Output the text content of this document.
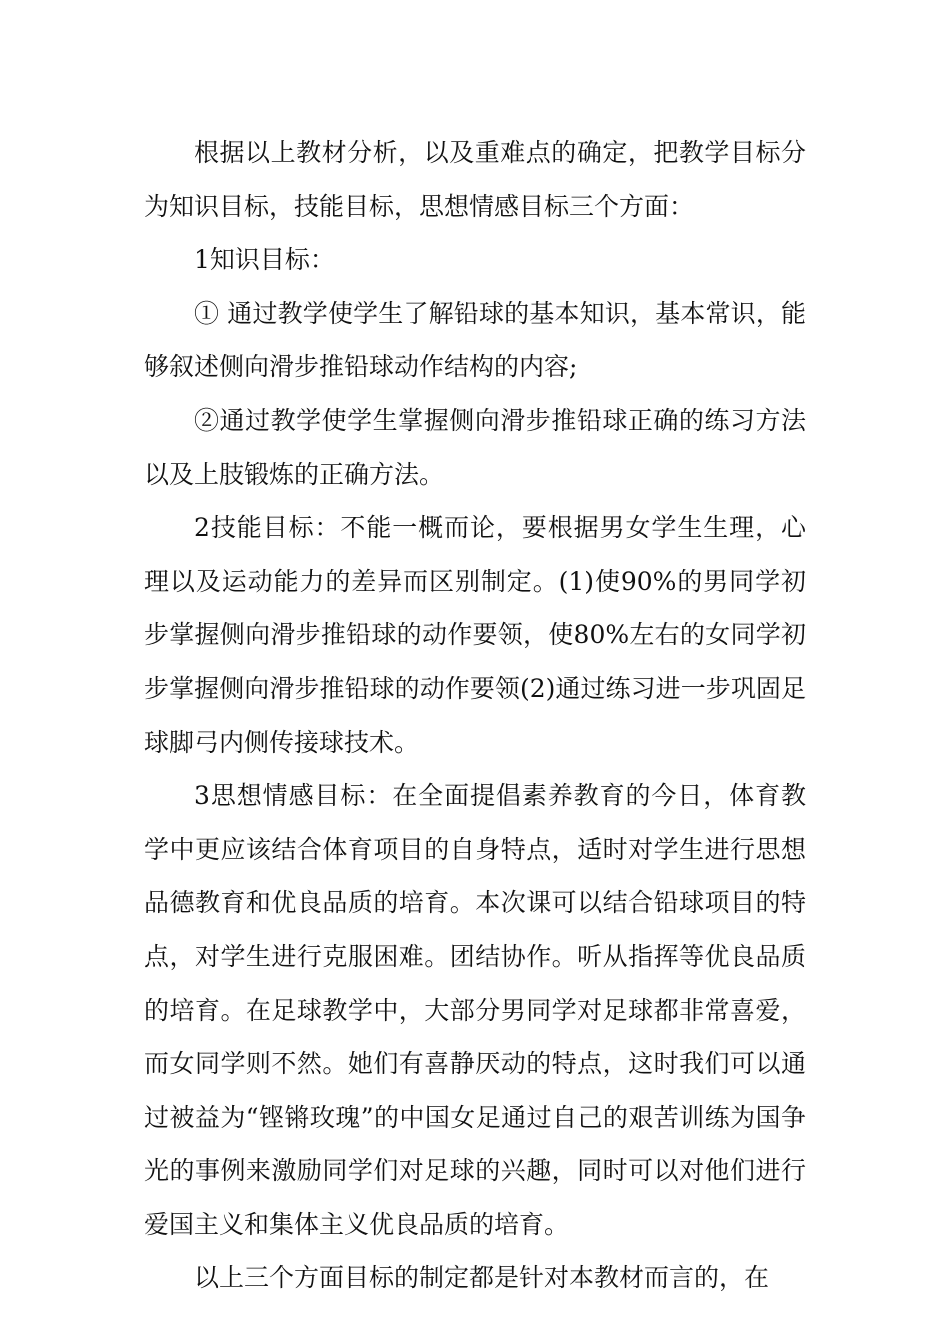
根据以上教材分析，以及重难点的确定，把教学目标分为知识目标，技能目标，思想情感目标三个方面：

1知识目标：

① 通过教学使学生了解铅球的基本知识，基本常识，能够叙述侧向滑步推铅球动作结构的内容;

②通过教学使学生掌握侧向滑步推铅球正确的练习方法以及上肢锻炼的正确方法。

2技能目标：不能一概而论，要根据男女学生生理，心理以及运动能力的差异而区别制定。(1)使90%的男同学初步掌握侧向滑步推铅球的动作要领，使80%左右的女同学初步掌握侧向滑步推铅球的动作要领(2)通过练习进一步巩固足球脚弓内侧传接球技术。

3思想情感目标：在全面提倡素养教育的今日，体育教学中更应该结合体育项目的自身特点，适时对学生进行思想品德教育和优良品质的培育。本次课可以结合铅球项目的特点，对学生进行克服困难。团结协作。听从指挥等优良品质的培育。在足球教学中，大部分男同学对足球都非常喜爱，而女同学则不然。她们有喜静厌动的特点，这时我们可以通过被益为“铿锵玫瑰”的中国女足通过自己的艰苦训练为国争光的事例来激励同学们对足球的兴趣，同时可以对他们进行爱国主义和集体主义优良品质的培育。

以上三个方面目标的制定都是针对本教材而言的，在
